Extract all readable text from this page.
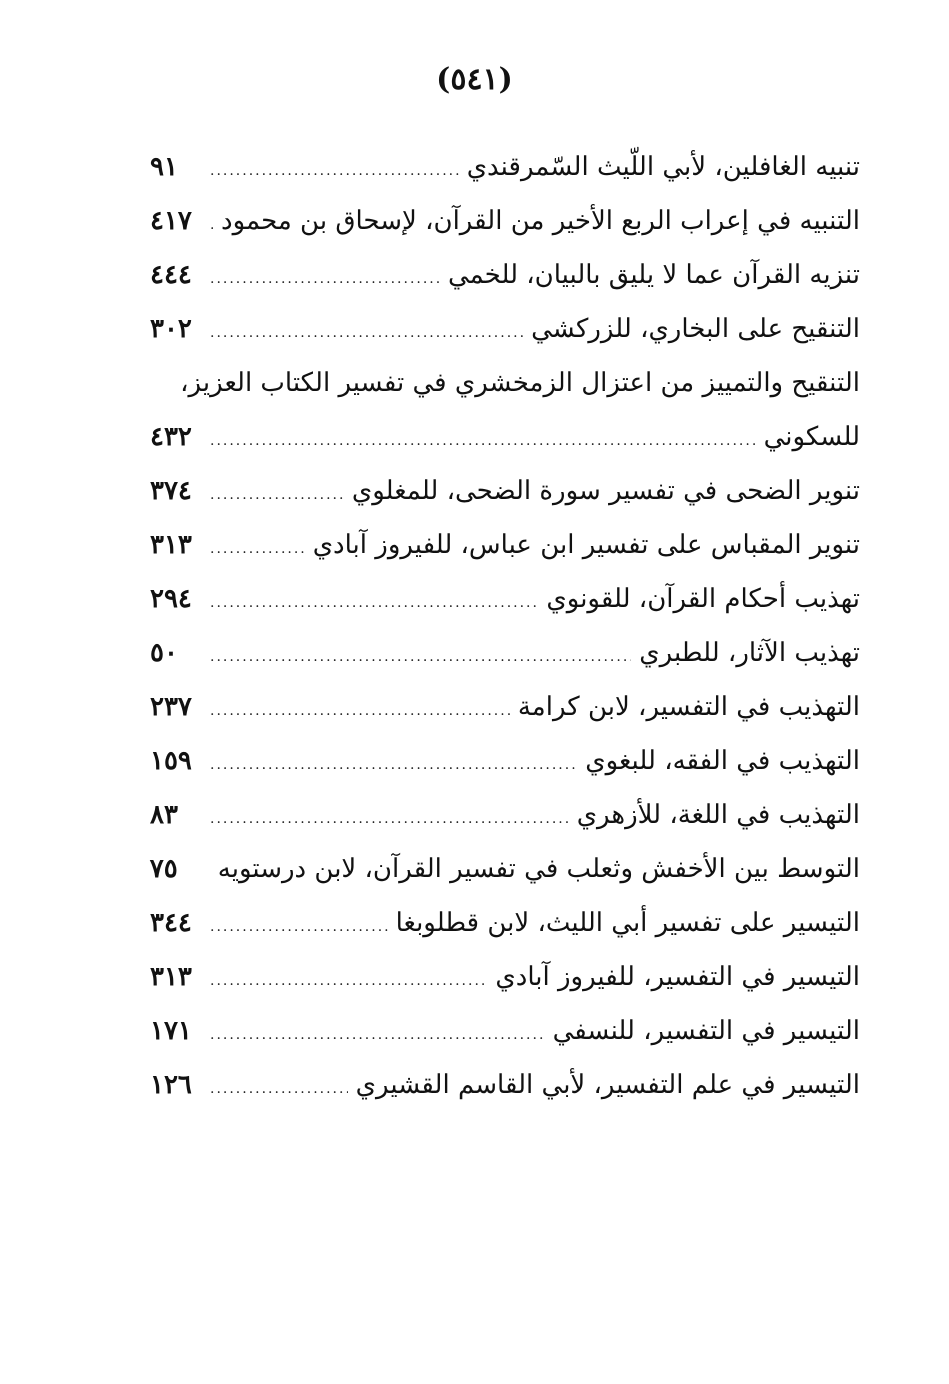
(٥٤١)
تنبيه الغافلين، لأبي اللّيث السّمرقندي
.....
٩١
التنبيه في إعراب الربع الأخير من القرآن، لإسحاق بن محمود
.....
٤١٧
تنزيه القرآن عما لا يليق بالبيان، للخمي
.....
٤٤٤
التنقيح على البخاري، للزركشي
.....
٣٠٢
التنقيح والتمييز من اعتزال الزمخشري في تفسير الكتاب العزيز،
للسكوني
.....
٤٣٢
تنوير الضحى في تفسير سورة الضحى، للمغلوي
.....
٣٧٤
تنوير المقباس على تفسير ابن عباس، للفيروز آبادي
.....
٣١٣
تهذيب أحكام القرآن، للقونوي
.....
٢٩٤
تهذيب الآثار، للطبري
.....
٥٠
التهذيب في التفسير، لابن كرامة
.....
٢٣٧
التهذيب في الفقه، للبغوي
.....
١٥٩
التهذيب في اللغة، للأزهري
.....
٨٣
التوسط بين الأخفش وثعلب في تفسير القرآن، لابن درستويه
٧٥
التيسير على تفسير أبي الليث، لابن قطلوبغا
.....
٣٤٤
التيسير في التفسير، للفيروز آبادي
.....
٣١٣
التيسير في التفسير، للنسفي
.....
١٧١
التيسير في علم التفسير، لأبي القاسم القشيري
.....
١٢٦
